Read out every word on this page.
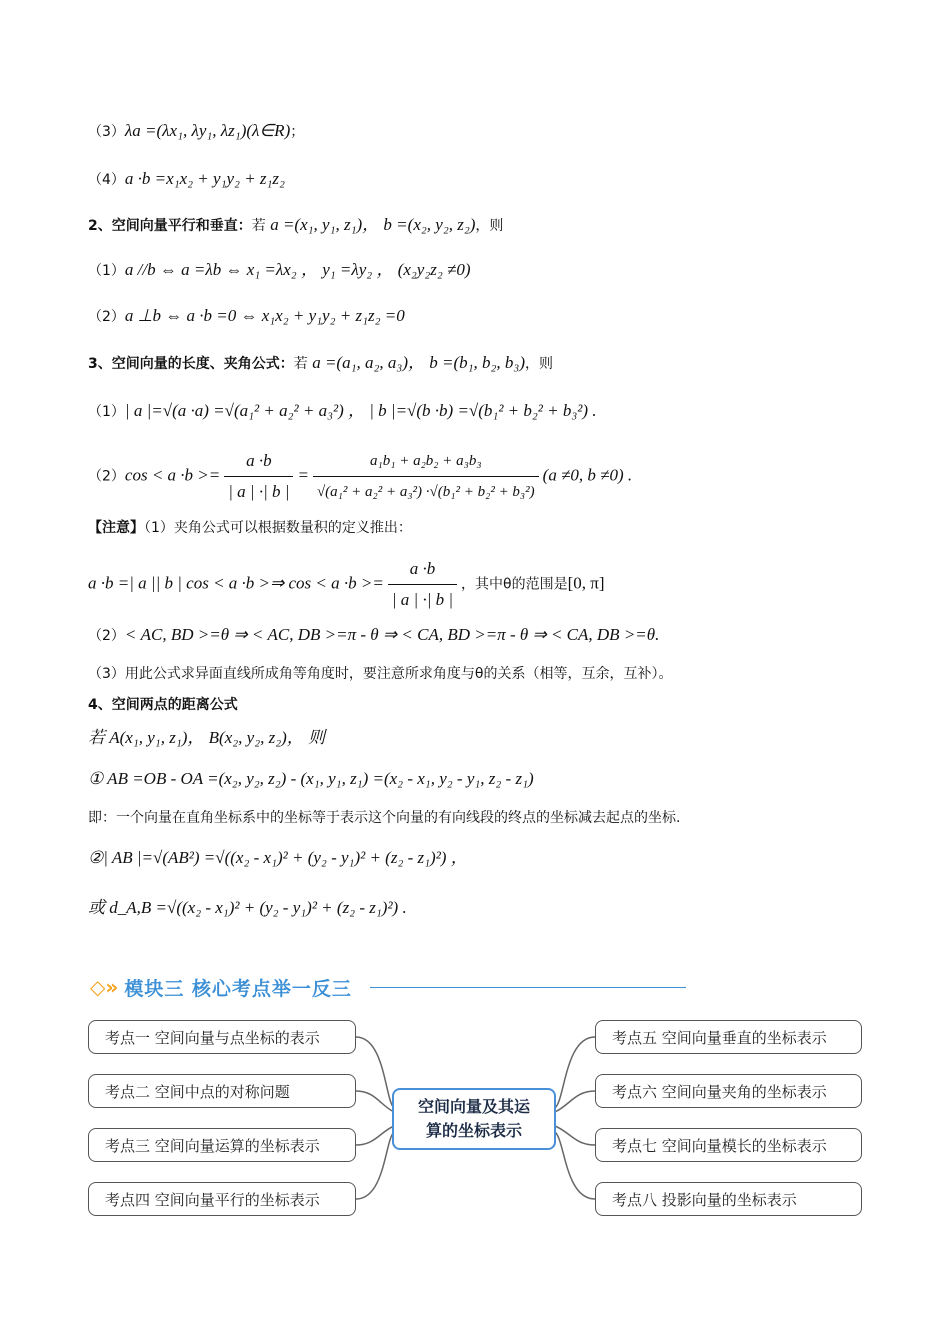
（3）λa =(λx₁, λy₁, λz₁)(λ∈R)；
（4）a ·b =x₁x₂ + y₁y₂ + z₁z₂
2、空间向量平行和垂直：若 a =(x₁, y₁, z₁)， b =(x₂, y₂, z₂)，则
（1）a //b ⇔ a =λb ⇔ x₁ =λx₂ ， y₁ =λy₂ ， (x₂y₂z₂ ≠0)
（2）a ⊥b ⇔ a ·b =0 ⇔ x₁x₂ + y₁y₂ + z₁z₂ =0
3、空间向量的长度、夹角公式：若 a =(a₁, a₂, a₃)， b =(b₁, b₂, b₃)，则
（1）| a |=√(a ·a) =√(a₁² + a₂² + a₃²) ， | b |=√(b ·b) =√(b₁² + b₂² + b₃²) .
$(2)\cos < a \cdot b >= \frac{a \cdot b}{| a | \cdot| b |} = \frac{\text{a₁b₁ + a₂b₂ + a₃b₃}}{\text{√(a₁² + a₂² + a₃²) ·√(b₁² + b₂² + b₃²)}} (a \ne 0$, b ≠0) .
【注意】（1）夹角公式可以根据数量积的定义推出：
a ·b =| a || b | cos < a ·b >⇒ $\cos < a \cdot b >= \frac{a \cdot b}{| a | \cdot| b |}$ ，其中θ的范围是[0, π]
（2）< AC, BD >=θ ⇒ < AC, DB >=π - θ ⇒ < CA, BD >=π - θ ⇒ < CA, DB >=θ.
（3）用此公式求异面直线所成角等角度时，要注意所求角度与θ的关系（相等，互余，互补）。
4、空间两点的距离公式
若 A(x₁, y₁, z₁)， B(x₂, y₂, z₂)， 则
① AB =OB - OA =(x₂, y₂, z₂) - (x₁, y₁, z₁) =(x₂ - x₁, y₂ - y₁, z₂ - z₁)
即：一个向量在直角坐标系中的坐标等于表示这个向量的有向线段的终点的坐标减去起点的坐标.
②| AB |=√(AB²) =√((x₂ - x₁)² + (y₂ - y₁)² + (z₂ - z₁)²) ，
或 d_A,B =√((x₂ - x₁)² + (y₂ - y₁)² + (z₂ - z₁)²) .
◇» 模块三 核心考点举一反三
考点一 空间向量与点坐标的表示
考点二 空间中点的对称问题
考点三 空间向量运算的坐标表示
考点四 空间向量平行的坐标表示
空间向量及其运
算的坐标表示
考点五 空间向量垂直的坐标表示
考点六 空间向量夹角的坐标表示
考点七 空间向量模长的坐标表示
考点八 投影向量的坐标表示
